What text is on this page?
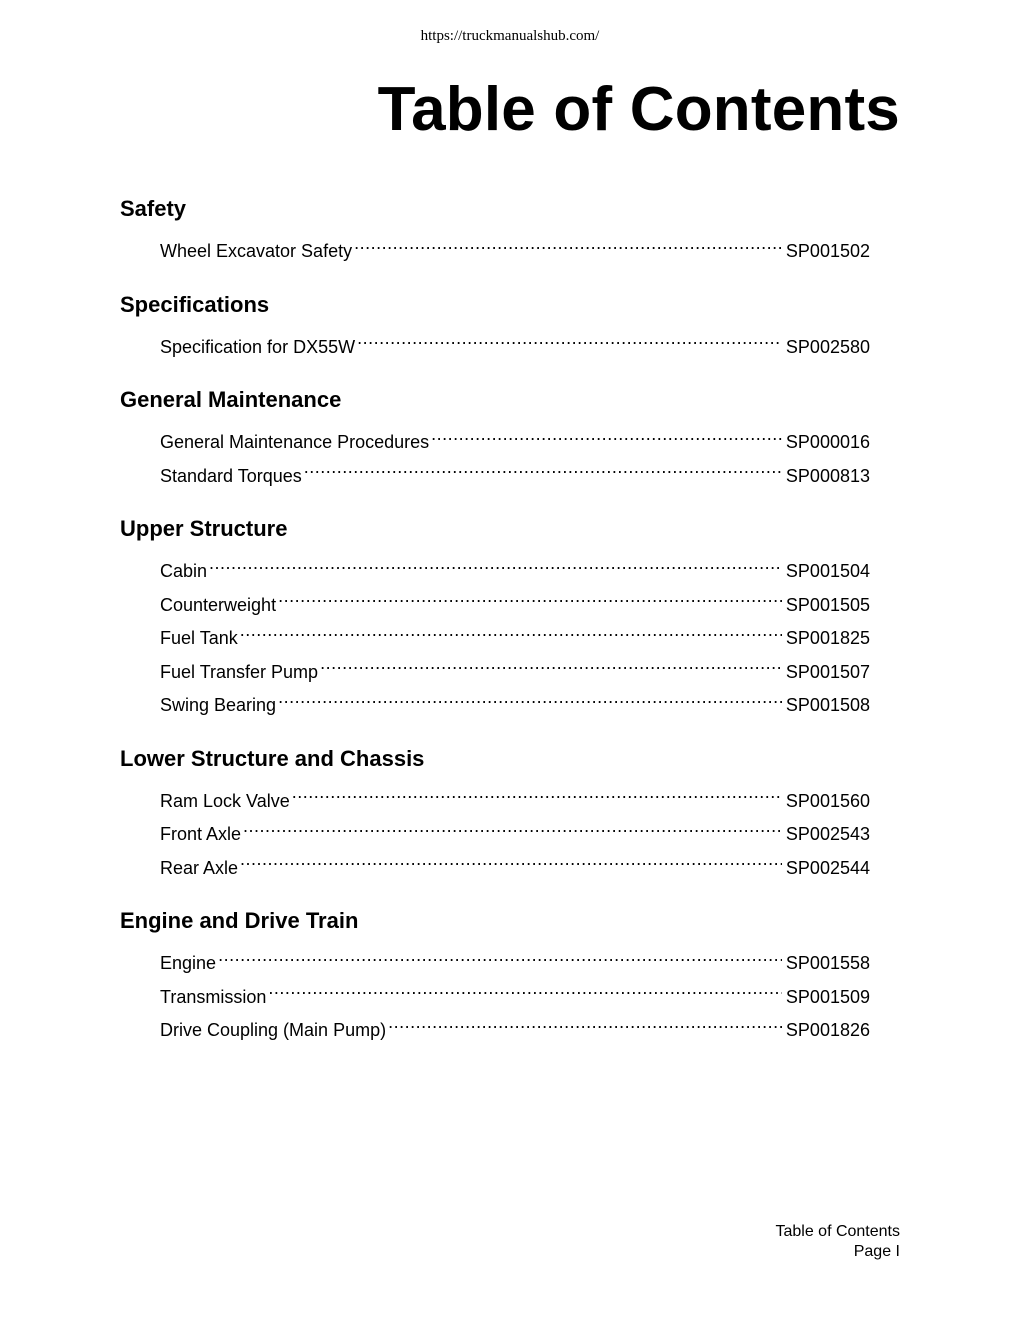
https://truckmanualshub.com/
Table of Contents
Safety
Wheel Excavator Safety .....	SP001502
Specifications
Specification for DX55W .....	SP002580
General Maintenance
General Maintenance Procedures .....	SP000016
Standard Torques .....	SP000813
Upper Structure
Cabin .....	SP001504
Counterweight .....	SP001505
Fuel Tank .....	SP001825
Fuel Transfer Pump .....	SP001507
Swing Bearing .....	SP001508
Lower Structure and Chassis
Ram Lock Valve .....	SP001560
Front Axle .....	SP002543
Rear Axle .....	SP002544
Engine and Drive Train
Engine .....	SP001558
Transmission .....	SP001509
Drive Coupling (Main Pump) .....	SP001826
Table of Contents
Page I
